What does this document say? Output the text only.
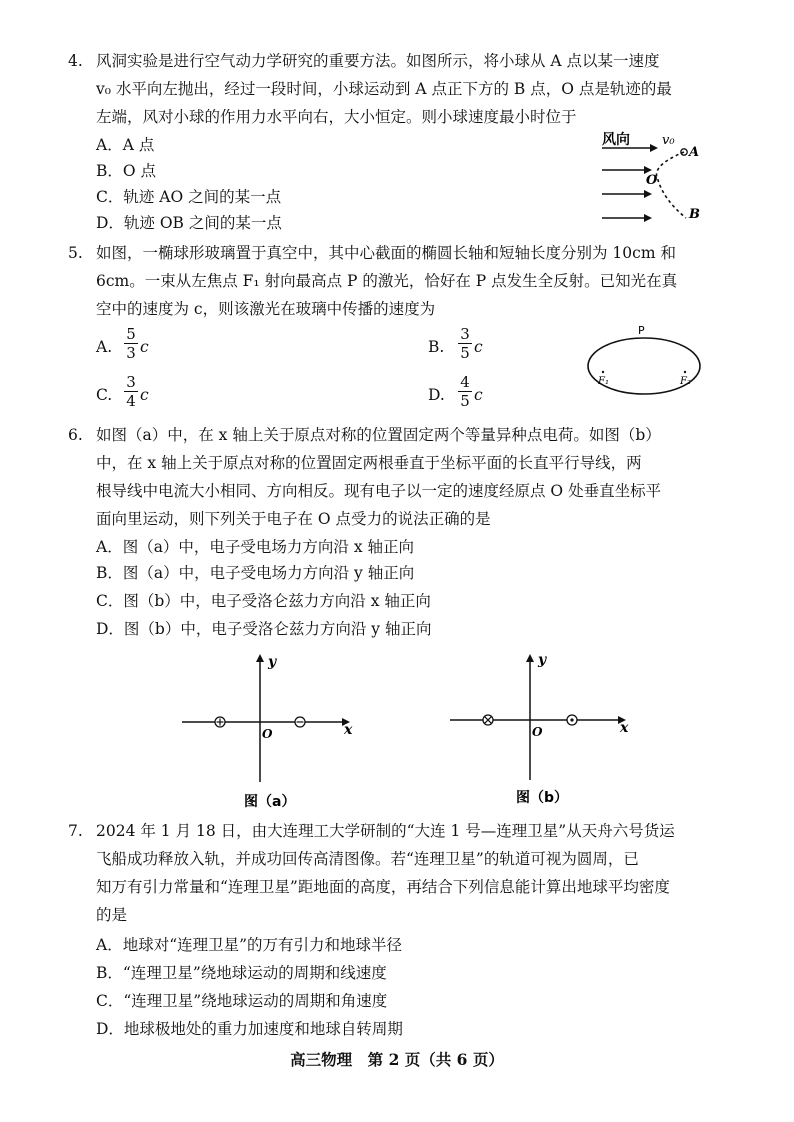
4. 风洞实验是进行空气动力学研究的重要方法。如图所示，将小球从 A 点以某一速度
v₀ 水平向左抛出，经过一段时间，小球运动到 A 点正下方的 B 点，O 点是轨迹的最
左端，风对小球的作用力水平向右，大小恒定。则小球速度最小时位于
A．A 点
B．O 点
C．轨迹 AO 之间的某一点
D．轨迹 OB 之间的某一点
风向 v₀
A
O
B
5. 如图，一椭球形玻璃置于真空中，其中心截面的椭圆长轴和短轴长度分别为 10cm 和
6cm。一束从左焦点 F₁ 射向最高点 P 的激光，恰好在 P 点发生全反射。已知光在真
空中的速度为 c，则该激光在玻璃中传播的速度为
A.
5
3 c	B.
3
5 c
C.
3
4 c	D.
4
5 c
P
F₁	F₂
6. 如图（a）中，在 x 轴上关于原点对称的位置固定两个等量异种点电荷。如图（b）
中，在 x 轴上关于原点对称的位置固定两根垂直于坐标平面的长直平行导线，两
根导线中电流大小相同、方向相反。现有电子以一定的速度经原点 O 处垂直坐标平
面向里运动，则下列关于电子在 O 点受力的说法正确的是
A．图（a）中，电子受电场力方向沿 x 轴正向
B．图（a）中，电子受电场力方向沿 y 轴正向
C．图（b）中，电子受洛仑兹力方向沿 x 轴正向
D．图（b）中，电子受洛仑兹力方向沿 y 轴正向
y
x
O
图（a）
y
x
O
图（b）
7. 2024 年 1 月 18 日，由大连理工大学研制的“大连 1 号—连理卫星”从天舟六号货运
飞船成功释放入轨，并成功回传高清图像。若“连理卫星”的轨道可视为圆周，已
知万有引力常量和“连理卫星”距地面的高度，再结合下列信息能计算出地球平均密度
的是
A．地球对“连理卫星”的万有引力和地球半径
B．“连理卫星”绕地球运动的周期和线速度
C．“连理卫星”绕地球运动的周期和角速度
D．地球极地处的重力加速度和地球自转周期
高三物理　第 2 页（共 6 页）
